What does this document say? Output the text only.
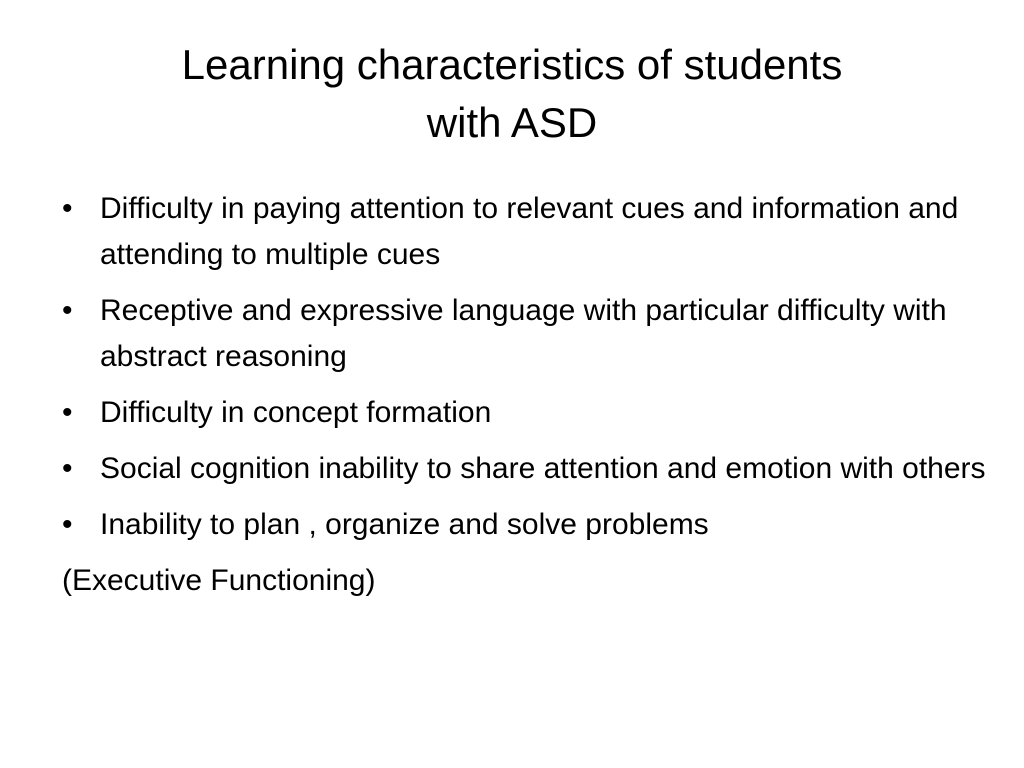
Learning characteristics of students
with ASD
• Difficulty in paying attention to relevant cues and information and attending to multiple cues
• Receptive and expressive language with particular difficulty with abstract reasoning
• Difficulty in concept formation
• Social cognition inability to share attention and emotion with others
• Inability to plan , organize and solve problems
(Executive Functioning)
